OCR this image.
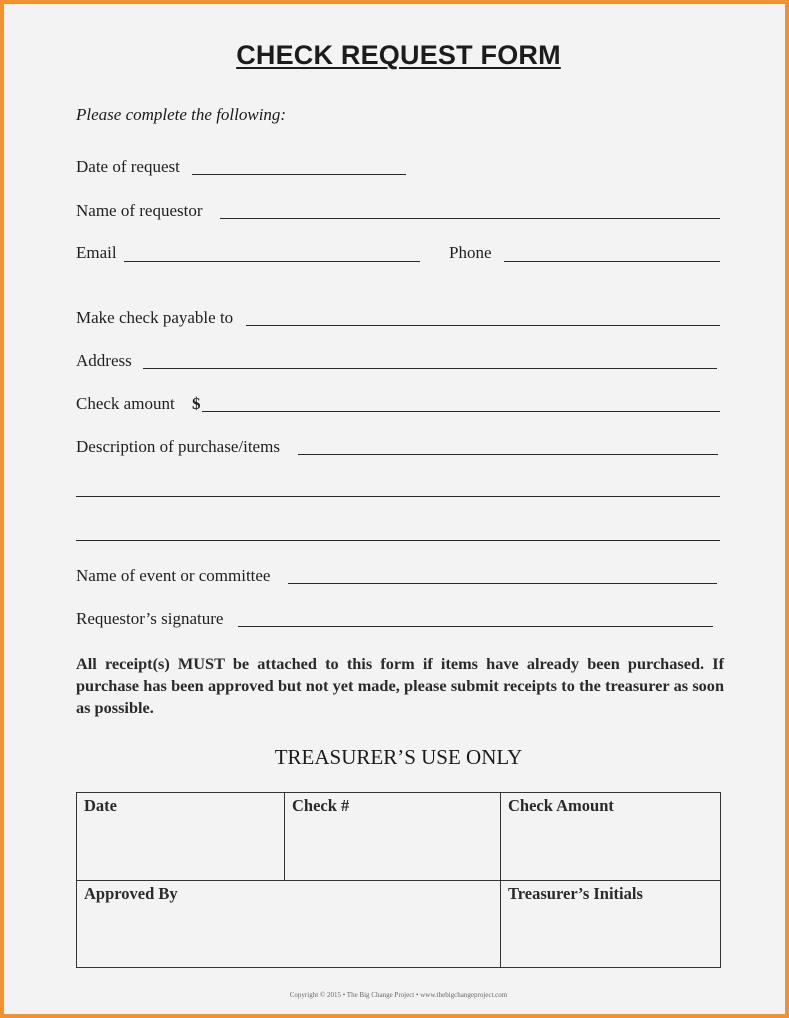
CHECK REQUEST FORM
Please complete the following:
Date of request
Name of requestor
Email	Phone
Make check payable to
Address
Check amount $
Description of purchase/items
Name of event or committee
Requestor’s signature
All receipt(s) MUST be attached to this form if items have already been purchased. If purchase has been approved but not yet made, please submit receipts to the treasurer as soon as possible.
TREASURER’S USE ONLY
Date	Check #	Check Amount
Approved By	Treasurer’s Initials
Copyright © 2015 • The Big Change Project • www.thebigchangeproject.com
